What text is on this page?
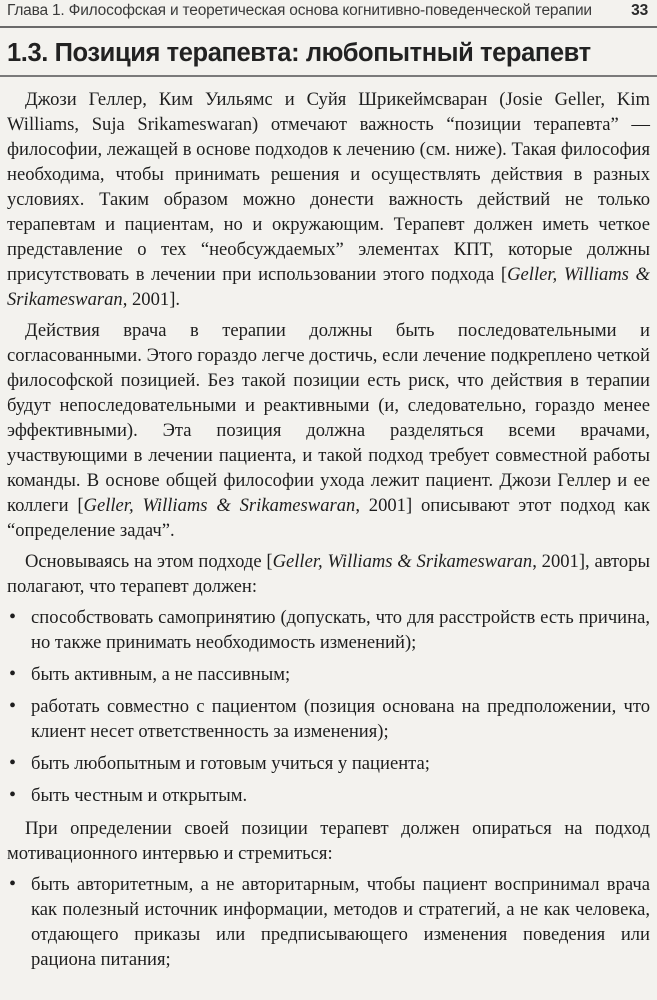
Глава 1. Философская и теоретическая основа когнитивно-поведенческой терапии	33
1.3. Позиция терапевта: любопытный терапевт

Джози Геллер, Ким Уильямс и Суйя Шрикеймсваран (Josie Geller, Kim Williams, Suja Srikameswaran) отмечают важность “позиции терапевта” — философии, лежащей в основе подходов к лечению (см. ниже). Такая философия необходима, чтобы принимать решения и осуществлять действия в разных условиях. Таким образом можно донести важность действий не только терапевтам и пациентам, но и окружающим. Терапевт должен иметь четкое представление о тех “необсуждаемых” элементах КПТ, которые должны присутствовать в лечении при использовании этого подхода [Geller, Williams & Srikameswaran, 2001].

Действия врача в терапии должны быть последовательными и согласованными. Этого гораздо легче достичь, если лечение подкреплено четкой философской позицией. Без такой позиции есть риск, что действия в терапии будут непоследовательными и реактивными (и, следовательно, гораздо менее эффективными). Эта позиция должна разделяться всеми врачами, участвующими в лечении пациента, и такой подход требует совместной работы команды. В основе общей философии ухода лежит пациент. Джози Геллер и ее коллеги [Geller, Williams & Srikameswaran, 2001] описывают этот подход как “определение задач”.

Основываясь на этом подходе [Geller, Williams & Srikameswaran, 2001], авторы полагают, что терапевт должен:

• способствовать самопринятию (допускать, что для расстройств есть причина, но также принимать необходимость изменений);
• быть активным, а не пассивным;
• работать совместно с пациентом (позиция основана на предположении, что клиент несет ответственность за изменения);
• быть любопытным и готовым учиться у пациента;
• быть честным и открытым.

При определении своей позиции терапевт должен опираться на подход мотивационного интервью и стремиться:

• быть авторитетным, а не авторитарным, чтобы пациент воспринимал врача как полезный источник информации, методов и стратегий, а не как человека, отдающего приказы или предписывающего изменения поведения или рациона питания;
